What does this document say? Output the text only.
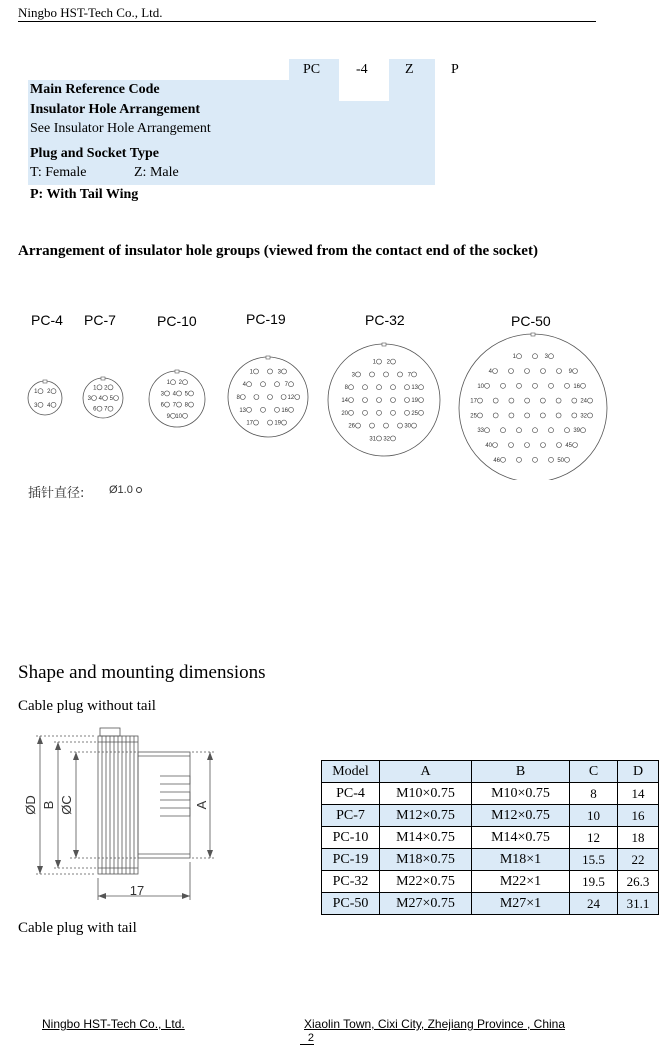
Ningbo HST-Tech Co., Ltd.
PC	-4	Z	P
Main Reference Code
Insulator Hole Arrangement
See Insulator Hole Arrangement
Plug and Socket Type
T: Female	Z: Male
P: With Tail Wing
Arrangement of insulator hole groups (viewed from the contact end of the socket)
PC-4 PC-7	PC-10	PC-19	PC-32	PC-50
1 2
3 4
1 2
3 4 5
6 7
1 2
3 4 5
6 7 8
9 10
1	3
4	7
8	12
13	16
17	19
1 2
3	7
8	13
14	19
20	25
26	30
31 32
1	3
4	9
10	16
17	24
25	32
33	39
40	45
46	50
插针直径: Ø1.0
Shape and mounting dimensions
Cable plug without tail
ØD B ØC	A
17
Model	A	B	C	D
PC-4	M10×0.75	M10×0.75	8	14
PC-7	M12×0.75	M12×0.75	10	16
PC-10	M14×0.75	M14×0.75	12	18
PC-19	M18×0.75	M18×1	15.5	22
PC-32	M22×0.75	M22×1	19.5	26.3
PC-50	M27×0.75	M27×1	24	31.1
Cable plug with tail
Ningbo HST-Tech Co., Ltd.	Xiaolin Town, Cixi City, Zhejiang Province , China
2
